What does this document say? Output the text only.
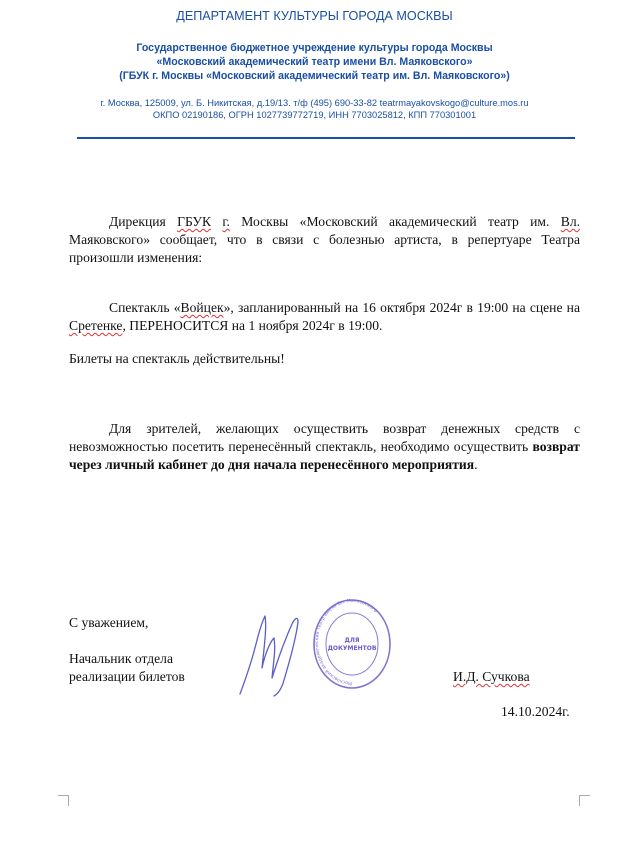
ДЕПАРТАМЕНТ КУЛЬТУРЫ ГОРОДА МОСКВЫ
Государственное бюджетное учреждение культуры города Москвы
«Московский академический театр имени Вл. Маяковского»
(ГБУК г. Москвы «Московский академический театр им. Вл. Маяковского»)
г. Москва, 125009, ул. Б. Никитская, д.19/13. т/ф (495) 690-33-82 teatrmayakovskogo@culture.mos.ru
ОКПО 02190186, ОГРН 1027739772719, ИНН 7703025812, КПП 770301001
Дирекция ГБУК г. Москвы «Московский академический театр им. Вл. Маяковского» сообщает, что в связи с болезнью артиста, в репертуаре Театра произошли изменения:
Спектакль «Войцек», запланированный на 16 октября 2024г в 19:00 на сцене на Сретенке, ПЕРЕНОСИТСЯ на 1 ноября 2024г в 19:00.
Билеты на спектакль действительны!
Для зрителей, желающих осуществить возврат денежных средств с невозможностью посетить перенесённый спектакль, необходимо осуществить возврат через личный кабинет до дня начала перенесённого мероприятия.
С уважением,
Начальник отдела
реализации билетов	И.Д. Сучкова
14.10.2024г.
Московский академический театр имени Вл. Маяковского
ДЛЯ
ДОКУМЕНТОВ
